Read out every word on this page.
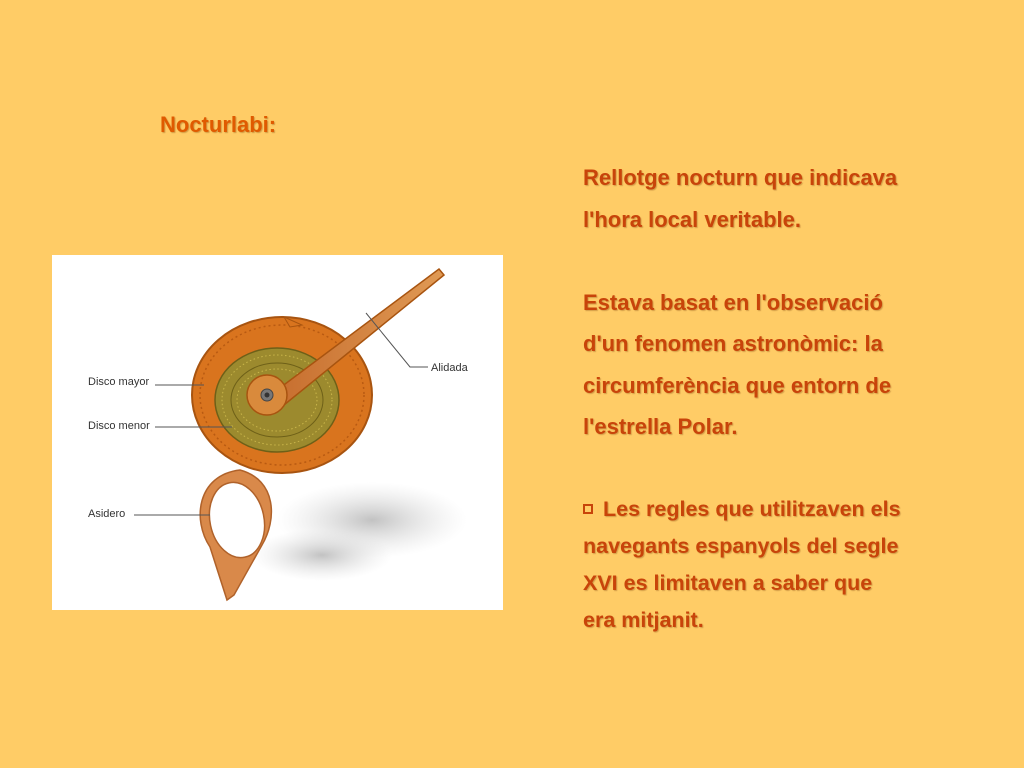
Nocturlabi:
Alidada
Disco mayor
Disco menor
Asidero

Rellotge nocturn que indicava

l'hora local veritable.

Estava basat en l'observació

d'un fenomen astronòmic: la

circumferència que entorn de

l'estrella Polar.

Les regles que utilitzaven els

navegants espanyols del segle

XVI es limitaven a saber que

era mitjanit.
